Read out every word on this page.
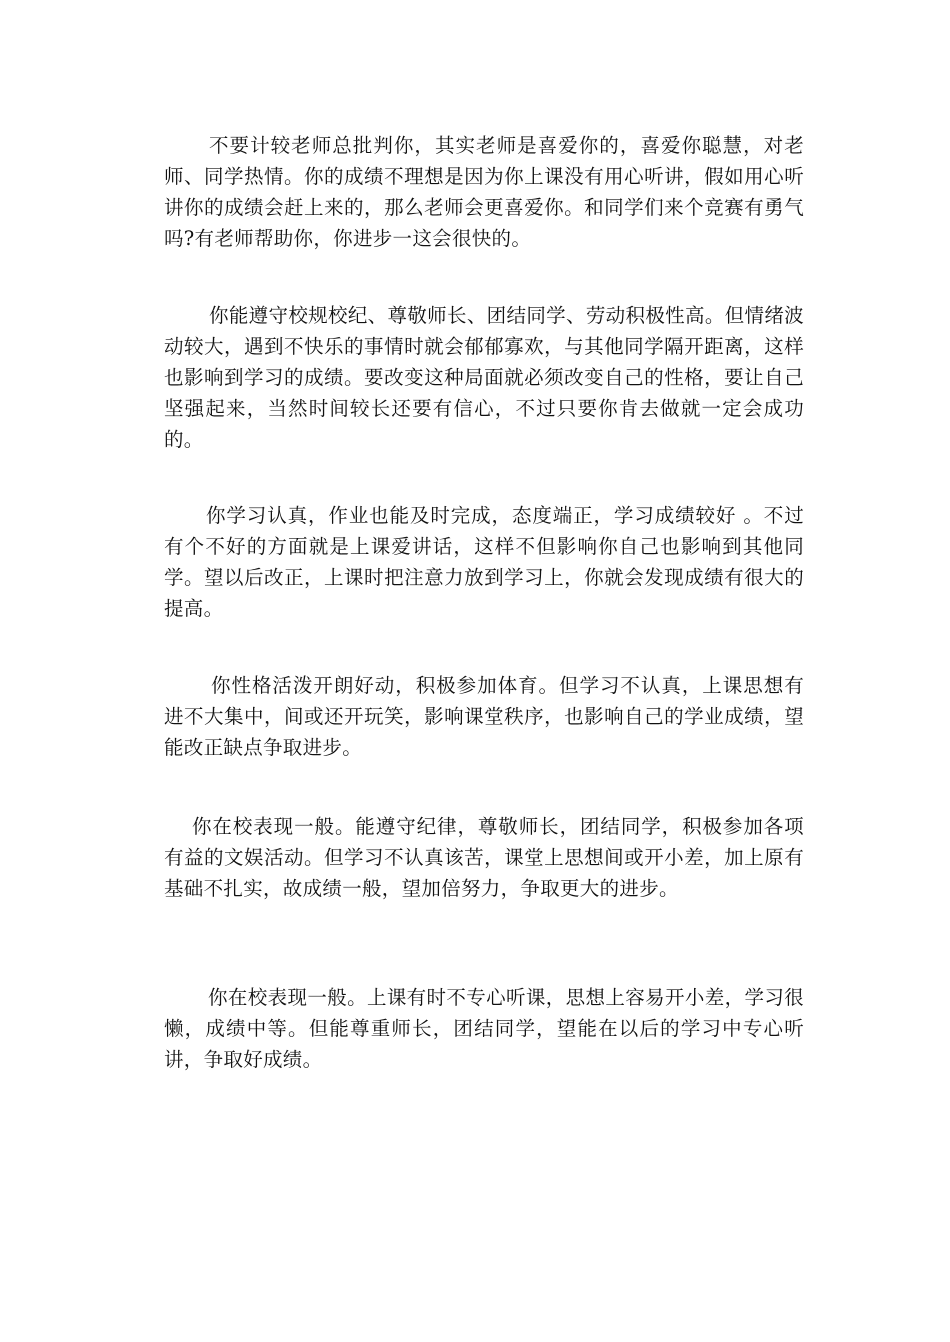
不要计较老师总批判你，其实老师是喜爱你的，喜爱你聪慧，对老师、同学热情。你的成绩不理想是因为你上课没有用心听讲，假如用心听讲你的成绩会赶上来的，那么老师会更喜爱你。和同学们来个竞赛有勇气吗?有老师帮助你，你进步一这会很快的。

你能遵守校规校纪、尊敬师长、团结同学、劳动积极性高。但情绪波动较大，遇到不快乐的事情时就会郁郁寡欢，与其他同学隔开距离，这样也影响到学习的成绩。要改变这种局面就必须改变自己的性格，要让自己坚强起来，当然时间较长还要有信心，不过只要你肯去做就一定会成功的。

你学习认真，作业也能及时完成，态度端正，学习成绩较好 。不过有个不好的方面就是上课爱讲话，这样不但影响你自己也影响到其他同学。望以后改正，上课时把注意力放到学习上，你就会发现成绩有很大的提高。

你性格活泼开朗好动，积极参加体育。但学习不认真，上课思想有进不大集中，间或还开玩笑，影响课堂秩序，也影响自己的学业成绩，望能改正缺点争取进步。

你在校表现一般。能遵守纪律，尊敬师长，团结同学，积极参加各项有益的文娱活动。但学习不认真该苦，课堂上思想间或开小差，加上原有基础不扎实，故成绩一般，望加倍努力，争取更大的进步。

你在校表现一般。上课有时不专心听课，思想上容易开小差，学习很懒，成绩中等。但能尊重师长，团结同学，望能在以后的学习中专心听讲，争取好成绩。
